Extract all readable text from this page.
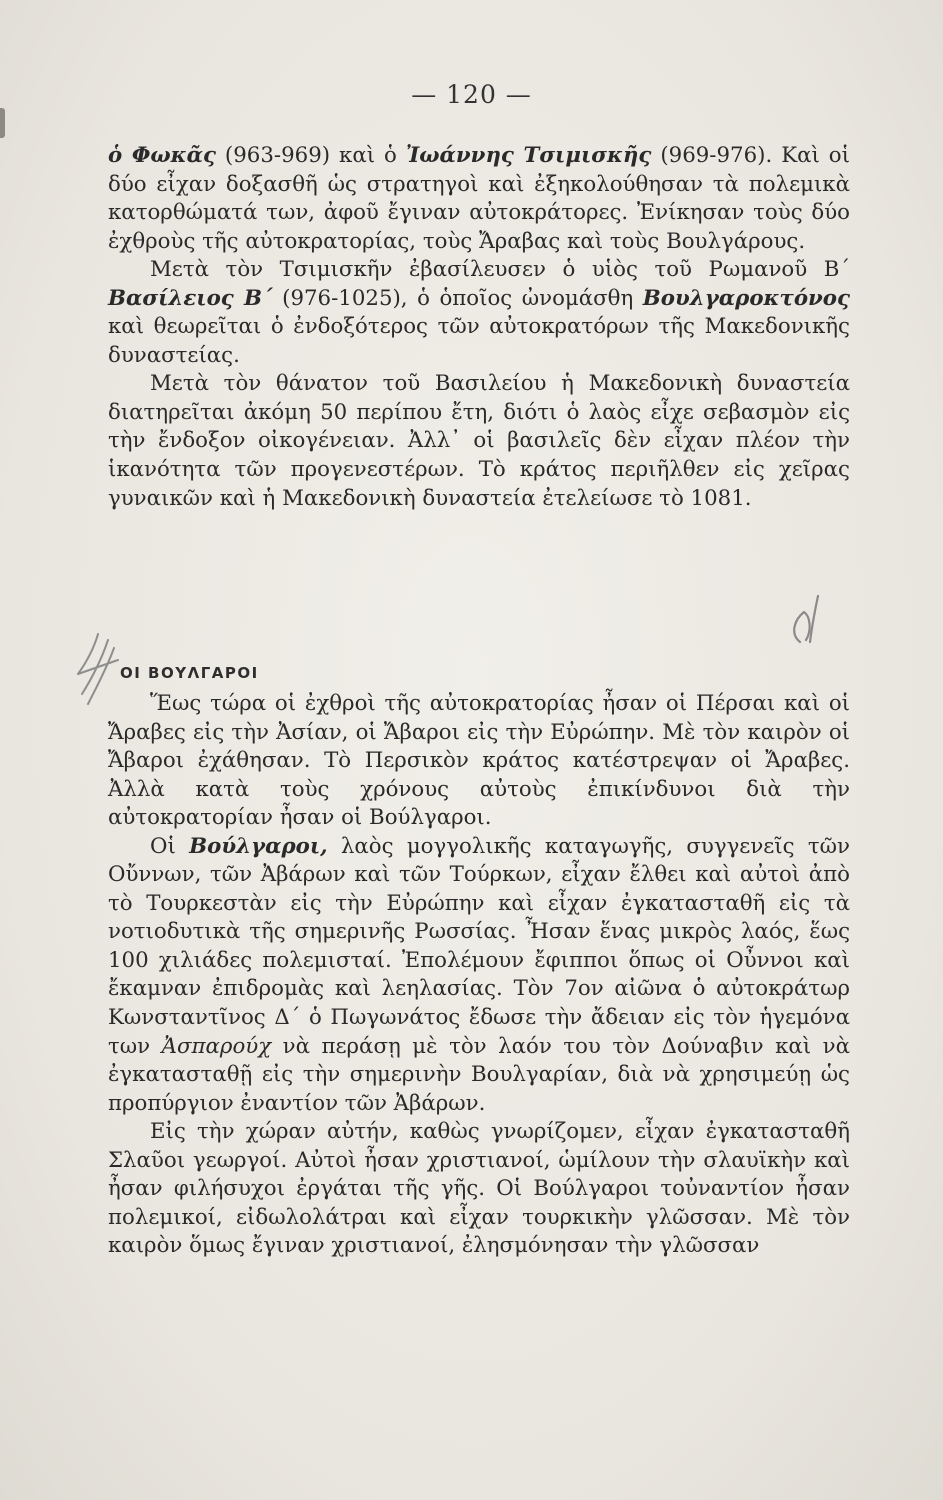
— 120 —

ὁ Φωκᾶς (963-969) καὶ ὁ Ἰωάννης Τσιμισκῆς (969-976). Καὶ οἱ δύο εἶχαν δοξασθῆ ὡς στρατηγοὶ καὶ ἐξηκολούθησαν τὰ πολεμικὰ κατορθώματά των, ἀφοῦ ἔγιναν αὐτοκράτορες. Ἐνίκησαν τοὺς δύο ἐχθροὺς τῆς αὐτοκρατορίας, τοὺς Ἄραβας καὶ τοὺς Βουλγάρους.

Μετὰ τὸν Τσιμισκῆν ἐβασίλευσεν ὁ υἱὸς τοῦ Ρωμανοῦ Β΄ Βασίλειος Β΄ (976-1025), ὁ ὁποῖος ὠνομάσθη Βουλγαροκτόνος καὶ θεωρεῖται ὁ ἐνδοξότερος τῶν αὐτοκρατόρων τῆς Μακεδονικῆς δυναστείας.

Μετὰ τὸν θάνατον τοῦ Βασιλείου ἡ Μακεδονικὴ δυναστεία διατηρεῖται ἀκόμη 50 περίπου ἔτη, διότι ὁ λαὸς εἶχε σεβασμὸν εἰς τὴν ἔνδοξον οἰκογένειαν. Ἀλλ᾽ οἱ βασιλεῖς δὲν εἶχαν πλέον τὴν ἱκανότητα τῶν προγενεστέρων. Τὸ κράτος περιῆλθεν εἰς χεῖρας γυναικῶν καὶ ἡ Μακεδονικὴ δυναστεία ἐτελείωσε τὸ 1081.

ΟΙ ΒΟΥΛΓΑΡΟΙ

Ἕως τώρα οἱ ἐχθροὶ τῆς αὐτοκρατορίας ἦσαν οἱ Πέρσαι καὶ οἱ Ἄραβες εἰς τὴν Ἀσίαν, οἱ Ἄβαροι εἰς τὴν Εὐρώπην. Μὲ τὸν καιρὸν οἱ Ἄβαροι ἐχάθησαν. Τὸ Περσικὸν κράτος κατέστρεψαν οἱ Ἄραβες. Ἀλλὰ κατὰ τοὺς χρόνους αὐτοὺς ἐπικίνδυνοι διὰ τὴν αὐτοκρατορίαν ἦσαν οἱ Βούλγαροι.

Οἱ Βούλγαροι, λαὸς μογγολικῆς καταγωγῆς, συγγενεῖς τῶν Οὔννων, τῶν Ἀβάρων καὶ τῶν Τούρκων, εἶχαν ἔλθει καὶ αὐτοὶ ἀπὸ τὸ Τουρκεστὰν εἰς τὴν Εὐρώπην καὶ εἶχαν ἐγκατασταθῆ εἰς τὰ νοτιοδυτικὰ τῆς σημερινῆς Ρωσσίας. Ἦσαν ἕνας μικρὸς λαός, ἕως 100 χιλιάδες πολεμισταί. Ἐπολέμουν ἔφιπποι ὅπως οἱ Οὖννοι καὶ ἔκαμναν ἐπιδρομὰς καὶ λεηλασίας. Τὸν 7ον αἰῶνα ὁ αὐτοκράτωρ Κωνσταντῖνος Δ΄ ὁ Πωγωνάτος ἔδωσε τὴν ἄδειαν εἰς τὸν ἡγεμόνα των Ἀσπαρούχ νὰ περάσῃ μὲ τὸν λαόν του τὸν Δούναβιν καὶ νὰ ἐγκατασταθῇ εἰς τὴν σημερινὴν Βουλγαρίαν, διὰ νὰ χρησιμεύῃ ὡς προπύργιον ἐναντίον τῶν Ἀβάρων.

Εἰς τὴν χώραν αὐτήν, καθὼς γνωρίζομεν, εἶχαν ἐγκατασταθῆ Σλαῦοι γεωργοί. Αὐτοὶ ἦσαν χριστιανοί, ὡμίλουν τὴν σλαυϊκὴν καὶ ἦσαν φιλήσυχοι ἐργάται τῆς γῆς. Οἱ Βούλγαροι τοὐναντίον ἦσαν πολεμικοί, εἰδωλολάτραι καὶ εἶχαν τουρκικὴν γλῶσσαν. Μὲ τὸν καιρὸν ὅμως ἔγιναν χριστιανοί, ἐλησμόνησαν τὴν γλῶσσαν
